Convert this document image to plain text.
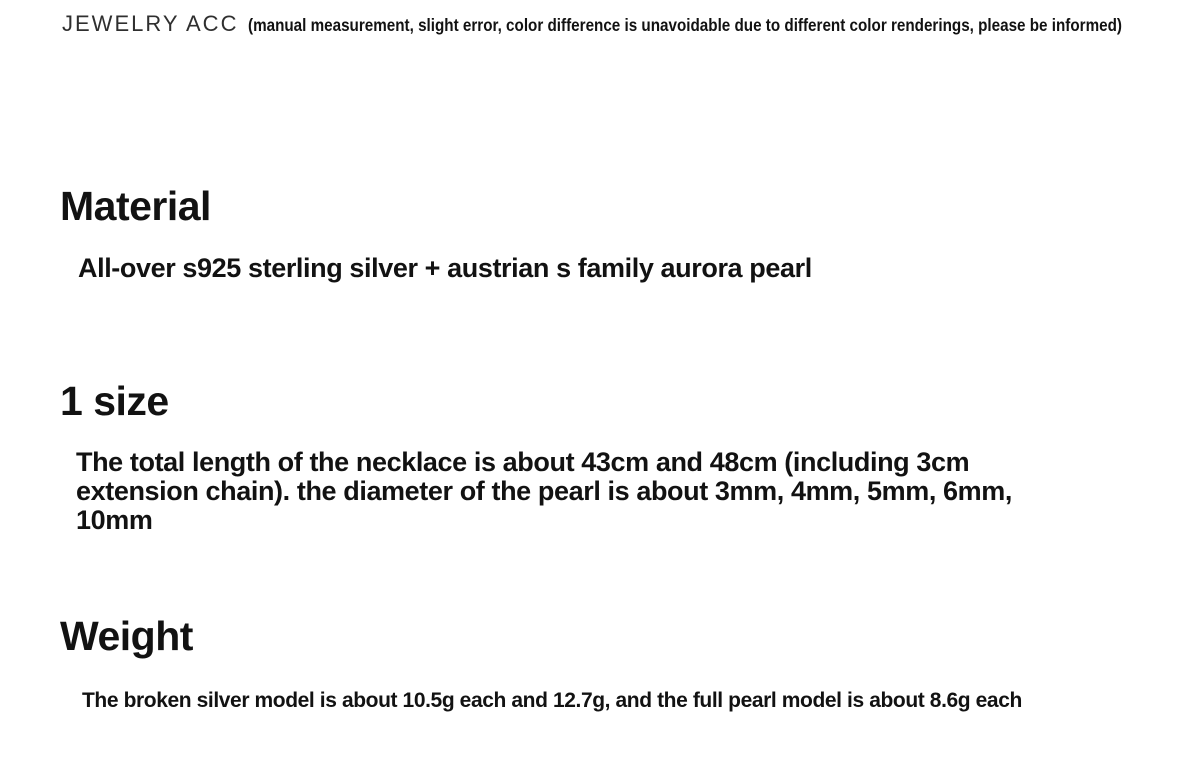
JEWELRY ACC (manual measurement, slight error, color difference is unavoidable due to different color renderings, please be informed)
Material
All-over s925 sterling silver + austrian s family aurora pearl
1 size
The total length of the necklace is about 43cm and 48cm (including 3cm
extension chain). the diameter of the pearl is about 3mm, 4mm, 5mm, 6mm,
10mm
Weight
The broken silver model is about 10.5g each and 12.7g, and the full pearl model is about 8.6g each
